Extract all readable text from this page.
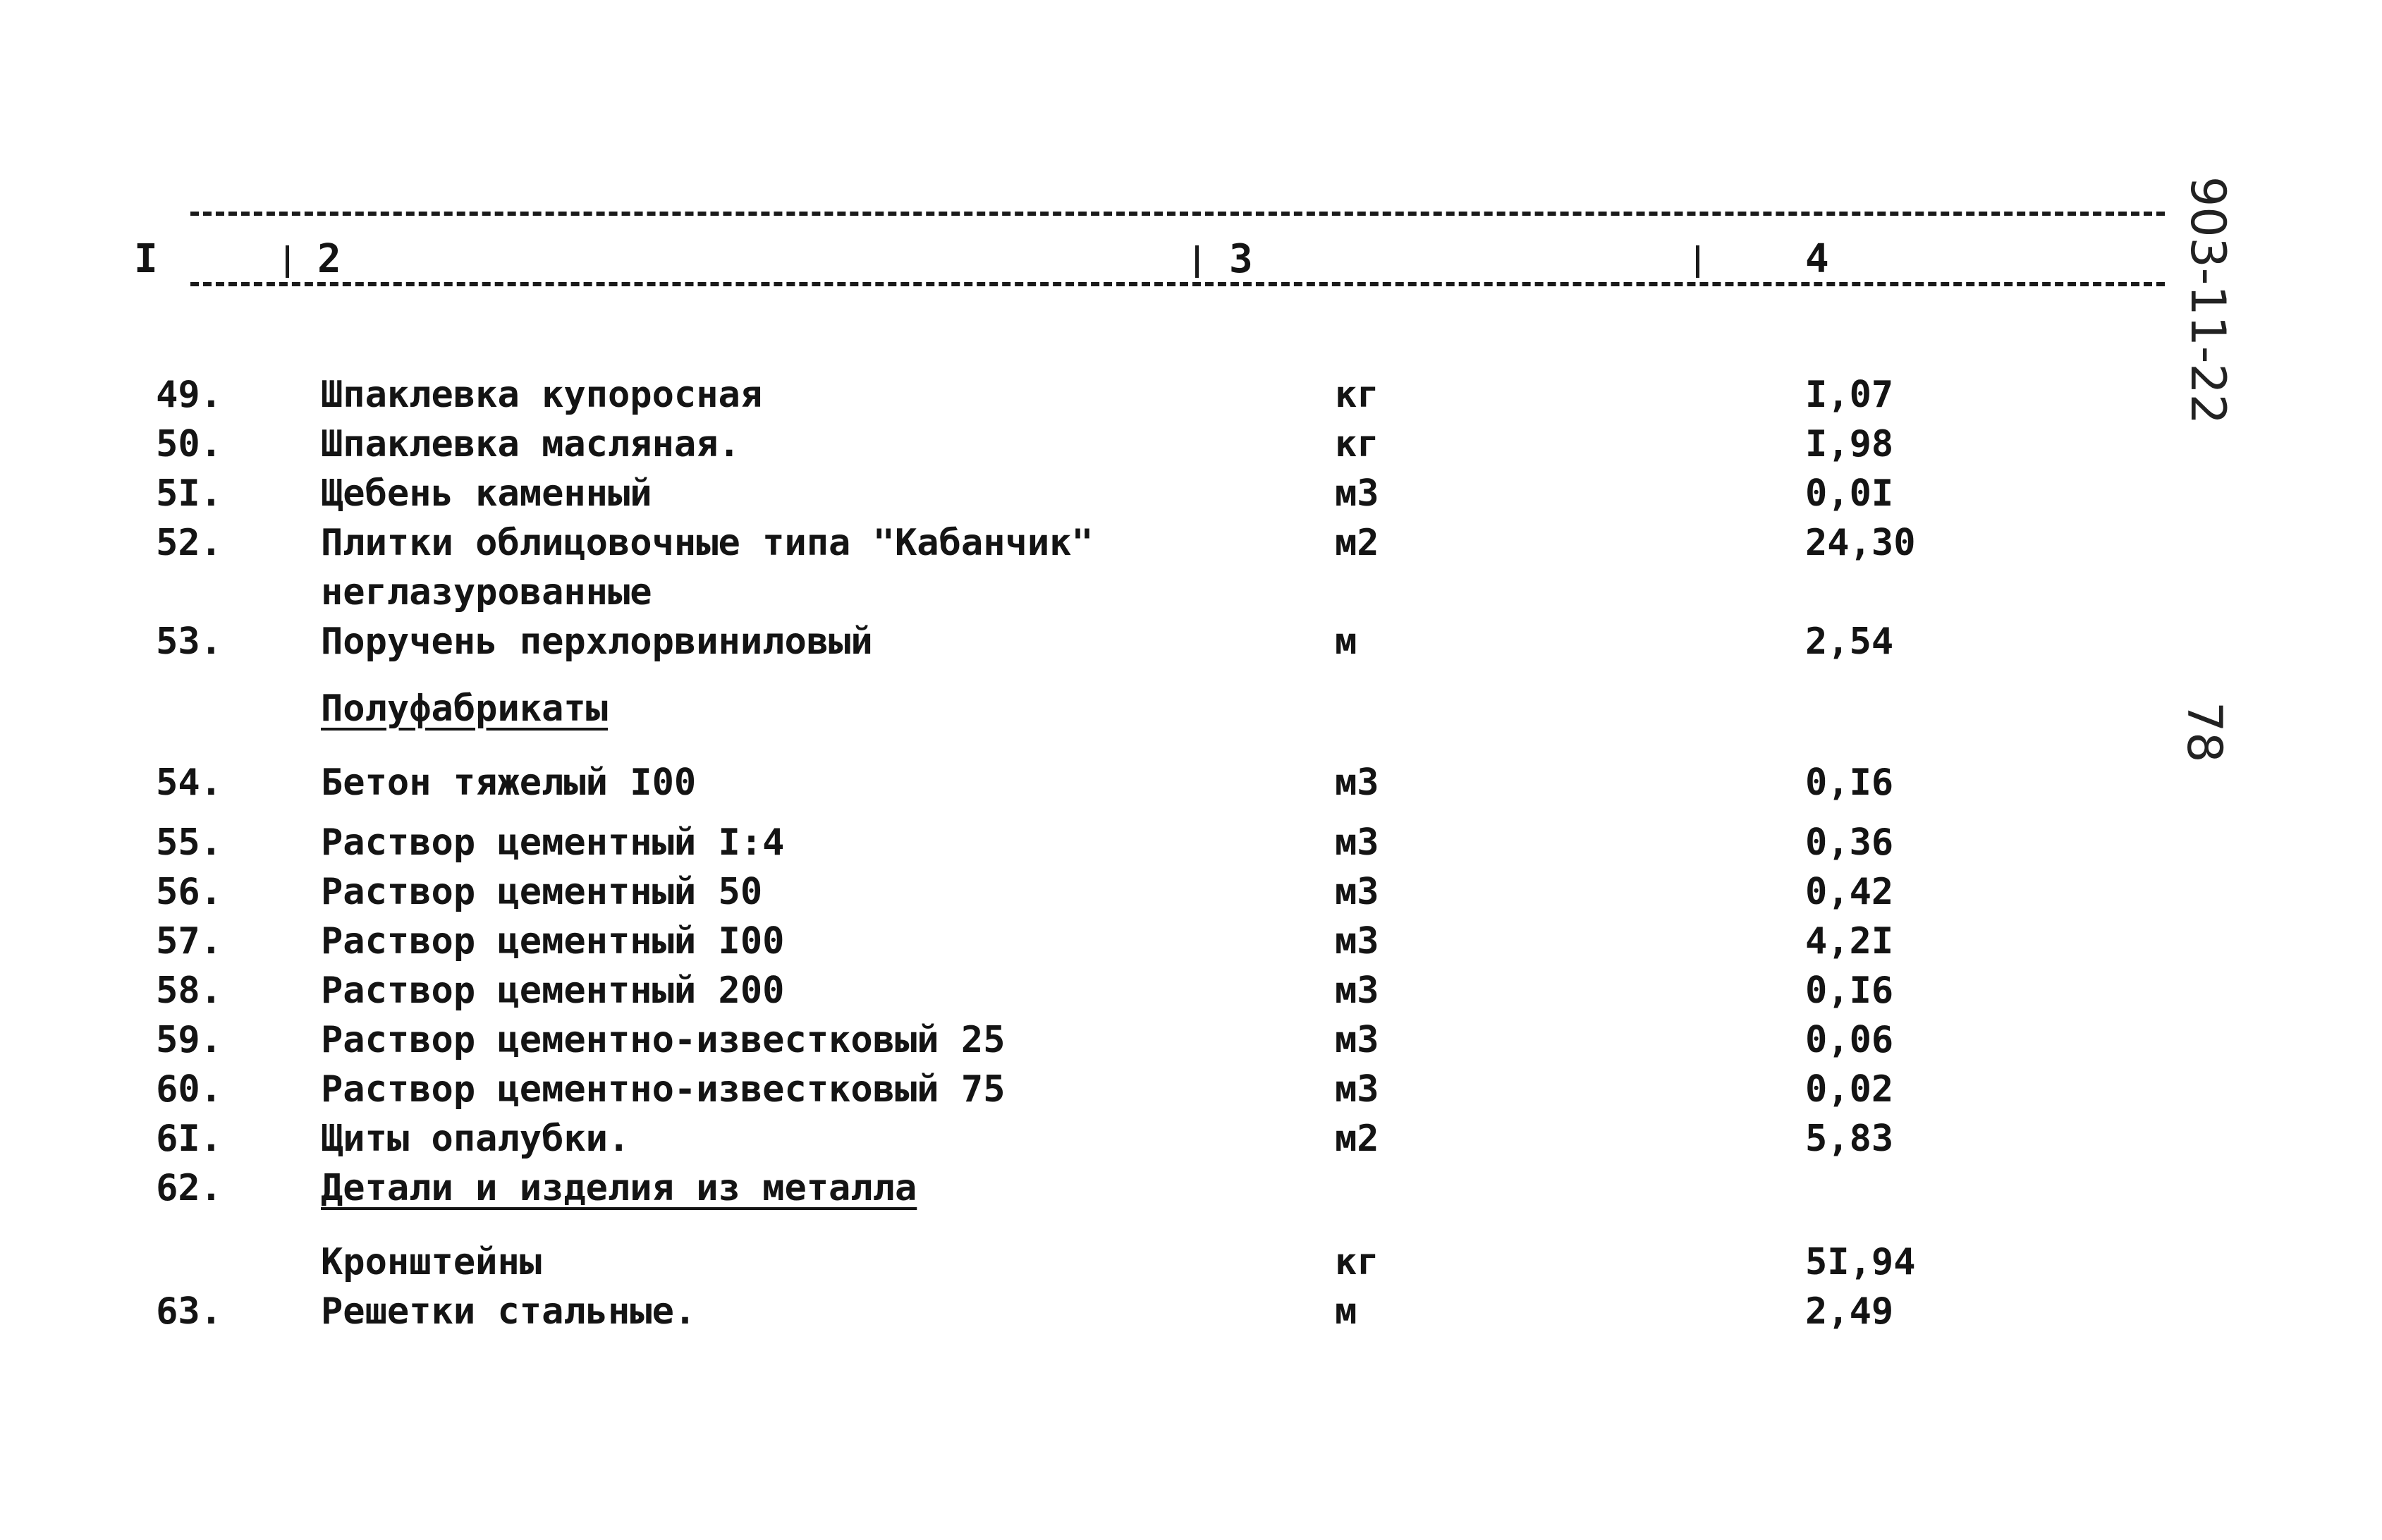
I	2	3	4
49.	Шпаклевка купоросная	кг	I,07
50.	Шпаклевка масляная.	кг	I,98
5I.	Щебень каменный	м3	0,0I
52.	Плитки облицовочные типа "Кабанчик"	м2	24,30
неглазурованные
53.	Поручень перхлорвиниловый	м	2,54
Полуфабрикаты
54.	Бетон тяжелый I00	м3	0,I6
55.	Раствор цементный I:4	м3	0,36
56.	Раствор цементный 50	м3	0,42
57.	Раствор цементный I00	м3	4,2I
58.	Раствор цементный 200	м3	0,I6
59.	Раствор цементно-известковый 25	м3	0,06
60.	Раствор цементно-известковый 75	м3	0,02
6I.	Щиты опалубки.	м2	5,83
62.	Детали и изделия из металла
Кронштейны	кг	5I,94
63.	Решетки стальные.	м	2,49
903-11-22
78
